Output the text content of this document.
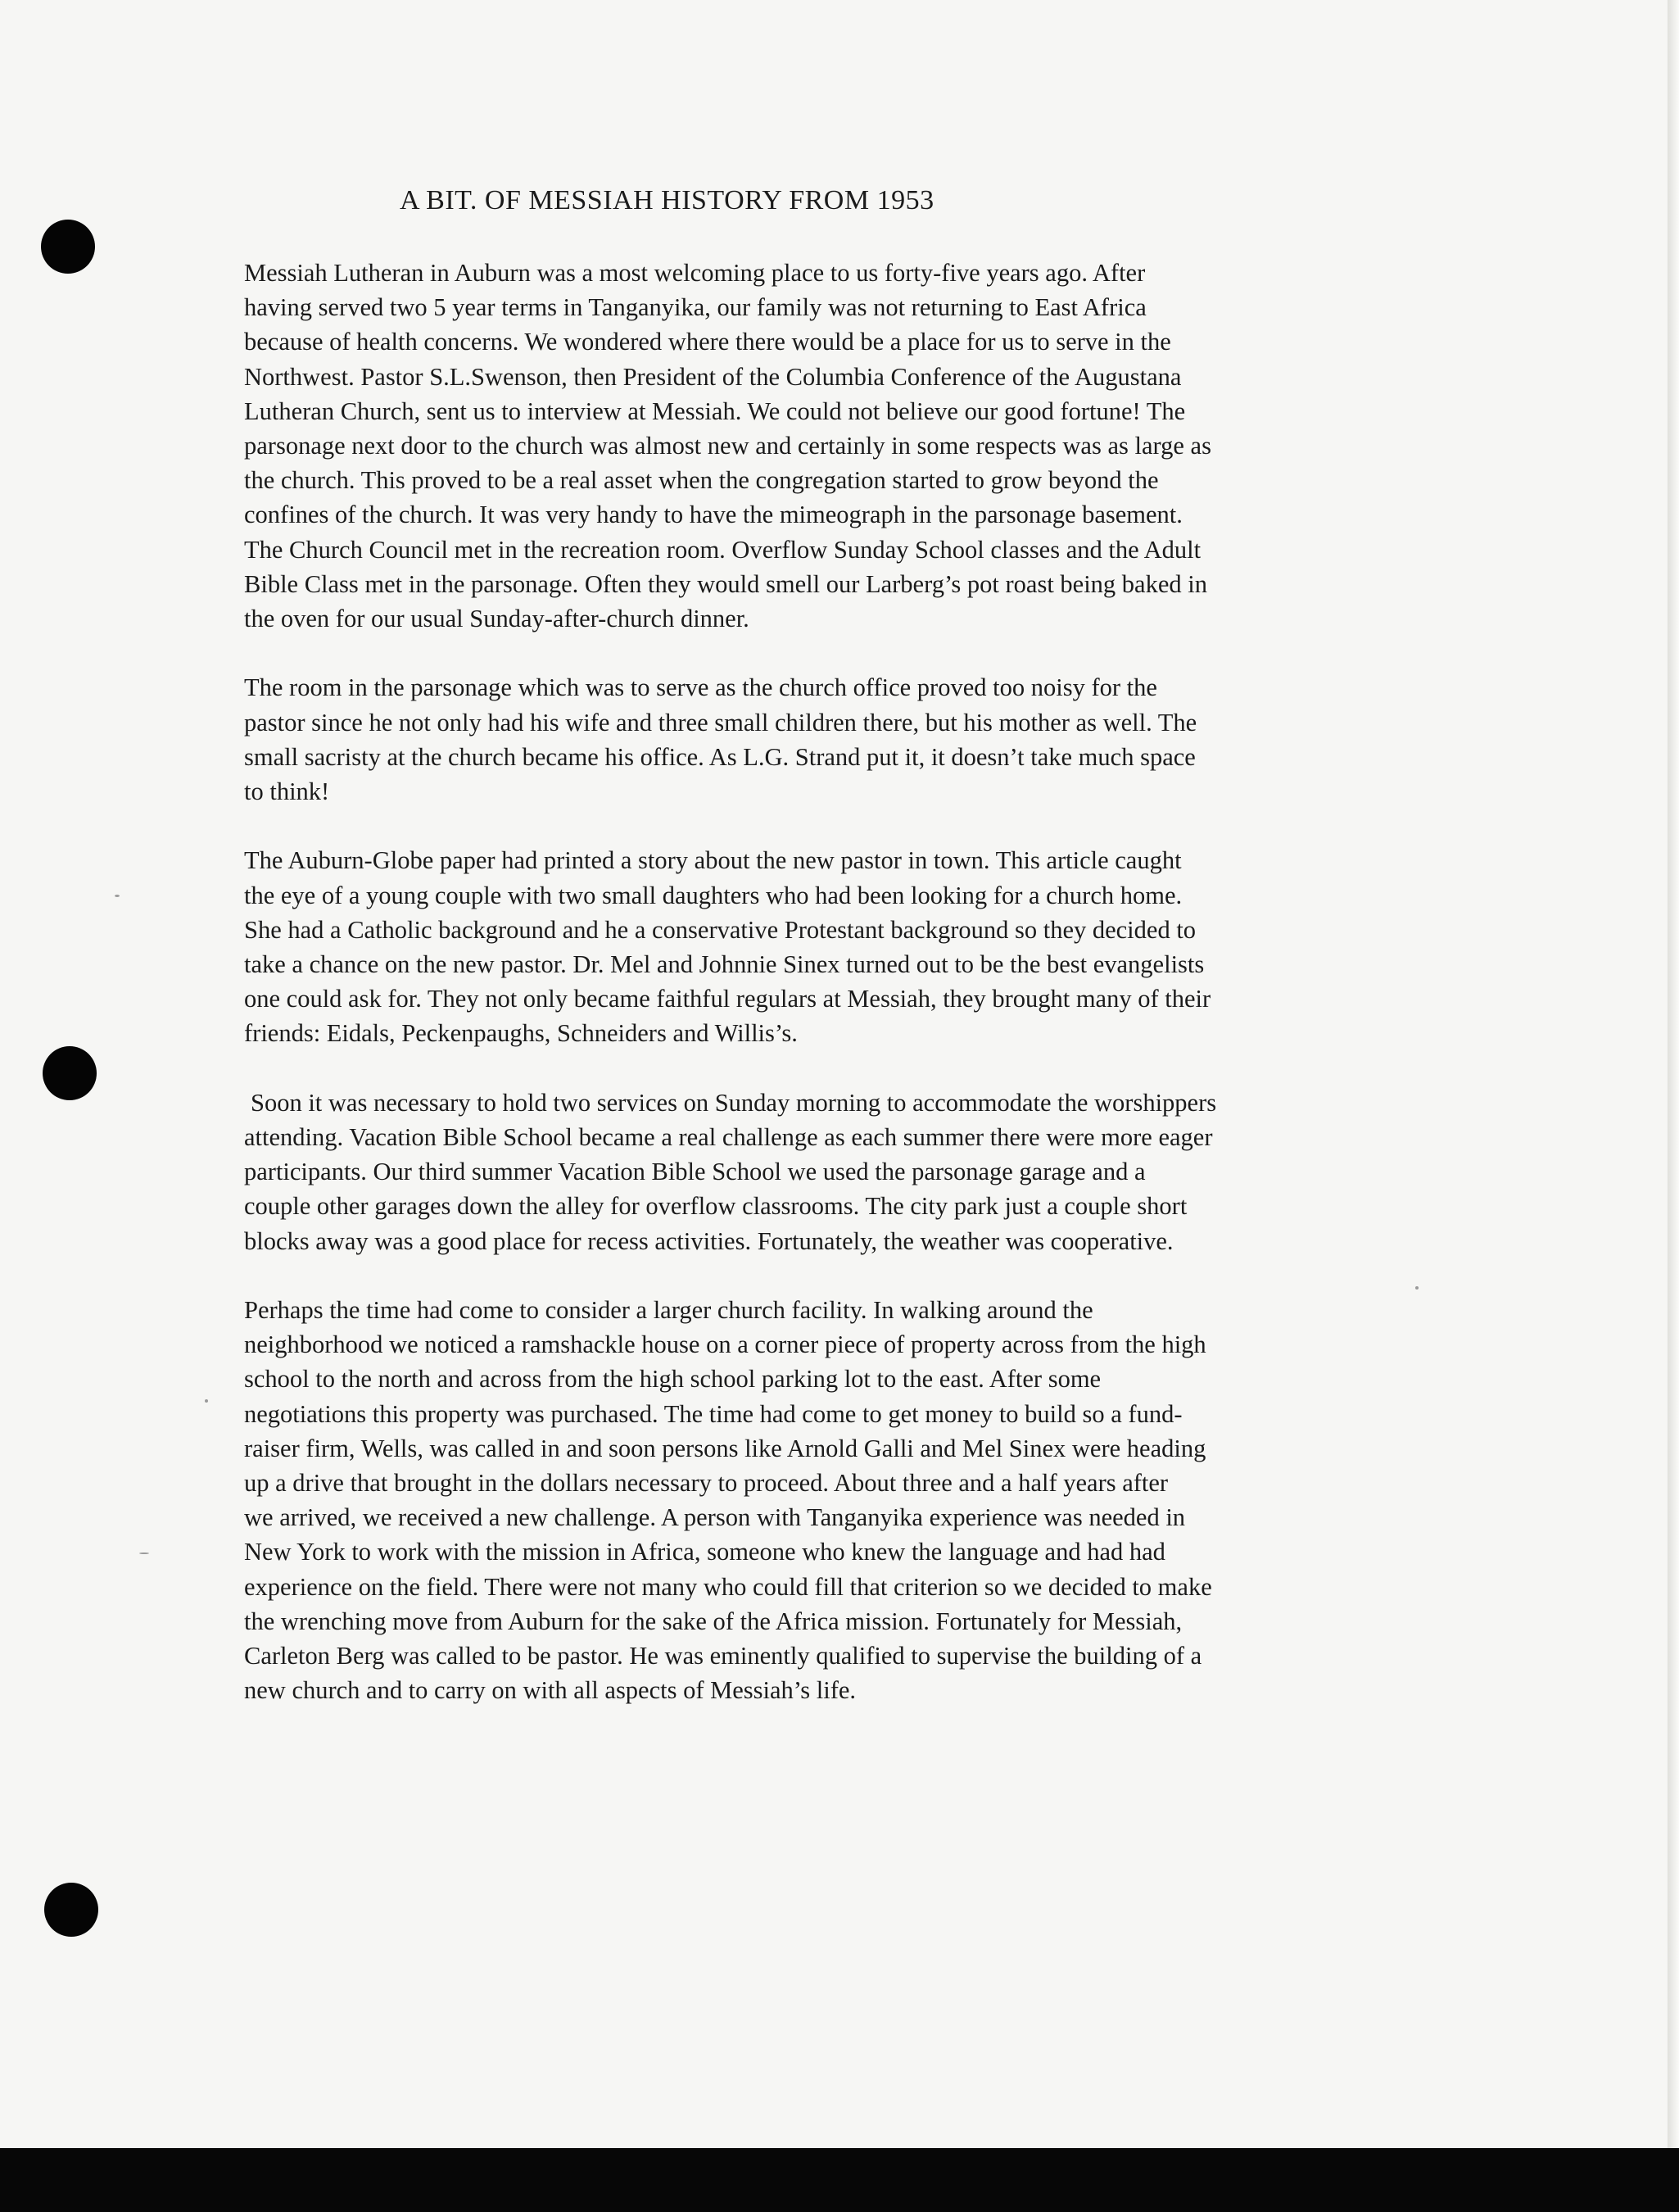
A BIT. OF MESSIAH HISTORY FROM 1953

Messiah Lutheran in Auburn was a most welcoming place to us forty-five years ago. After
having served two 5 year terms in Tanganyika, our family was not returning to East Africa
because of health concerns. We wondered where there would be a place for us to serve in the
Northwest. Pastor S.L.Swenson, then President of the Columbia Conference of the Augustana
Lutheran Church, sent us to interview at Messiah. We could not believe our good fortune! The
parsonage next door to the church was almost new and certainly in some respects was as large as
the church. This proved to be a real asset when the congregation started to grow beyond the
confines of the church. It was very handy to have the mimeograph in the parsonage basement.
The Church Council met in the recreation room. Overflow Sunday School classes and the Adult
Bible Class met in the parsonage. Often they would smell our Larberg’s pot roast being baked in
the oven for our usual Sunday-after-church dinner.

The room in the parsonage which was to serve as the church office proved too noisy for the
pastor since he not only had his wife and three small children there, but his mother as well. The
small sacristy at the church became his office. As L.G. Strand put it, it doesn’t take much space
to think!

The Auburn-Globe paper had printed a story about the new pastor in town. This article caught
the eye of a young couple with two small daughters who had been looking for a church home.
She had a Catholic background and he a conservative Protestant background so they decided to
take a chance on the new pastor. Dr. Mel and Johnnie Sinex turned out to be the best evangelists
one could ask for. They not only became faithful regulars at Messiah, they brought many of their
friends: Eidals, Peckenpaughs, Schneiders and Willis’s.

Soon it was necessary to hold two services on Sunday morning to accommodate the worshippers
attending. Vacation Bible School became a real challenge as each summer there were more eager
participants. Our third summer Vacation Bible School we used the parsonage garage and a
couple other garages down the alley for overflow classrooms. The city park just a couple short
blocks away was a good place for recess activities. Fortunately, the weather was cooperative.

Perhaps the time had come to consider a larger church facility. In walking around the
neighborhood we noticed a ramshackle house on a corner piece of property across from the high
school to the north and across from the high school parking lot to the east. After some
negotiations this property was purchased. The time had come to get money to build so a fund-
raiser firm, Wells, was called in and soon persons like Arnold Galli and Mel Sinex were heading
up a drive that brought in the dollars necessary to proceed. About three and a half years after
we arrived, we received a new challenge. A person with Tanganyika experience was needed in
New York to work with the mission in Africa, someone who knew the language and had had
experience on the field. There were not many who could fill that criterion so we decided to make
the wrenching move from Auburn for the sake of the Africa mission. Fortunately for Messiah,
Carleton Berg was called to be pastor. He was eminently qualified to supervise the building of a
new church and to carry on with all aspects of Messiah’s life.
